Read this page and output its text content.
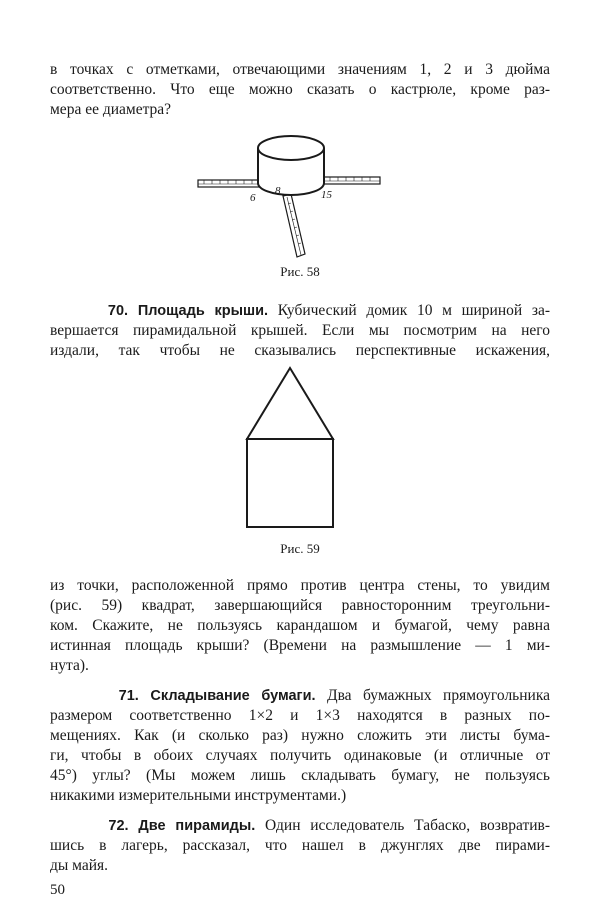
в точках с отметками, отвечающими значениям 1, 2 и 3 дюйма
соответственно. Что еще можно сказать о кастрюле, кроме раз-
мера ее диаметра?
6
8	15
Рис. 58
70. Площадь крыши. Кубический домик 10 м шириной за-
вершается пирамидальной крышей. Если мы посмотрим на него
издали, так чтобы не сказывались перспективные искажения,
Рис. 59
из точки, расположенной прямо против центра стены, то увидим
(рис. 59) квадрат, завершающийся равносторонним треугольни-
ком. Скажите, не пользуясь карандашом и бумагой, чему равна
истинная площадь крыши? (Времени на размышление — 1 ми-
нута).
71. Складывание бумаги. Два бумажных прямоугольника
размером соответственно 1×2 и 1×3 находятся в разных по-
мещениях. Как (и сколько раз) нужно сложить эти листы бума-
ги, чтобы в обоих случаях получить одинаковые (и отличные от
45°) углы? (Мы можем лишь складывать бумагу, не пользуясь
никакими измерительными инструментами.)
72. Две пирамиды. Один исследователь Табаско, возвратив-
шись в лагерь, рассказал, что нашел в джунглях две пирами-
ды майя.
50
